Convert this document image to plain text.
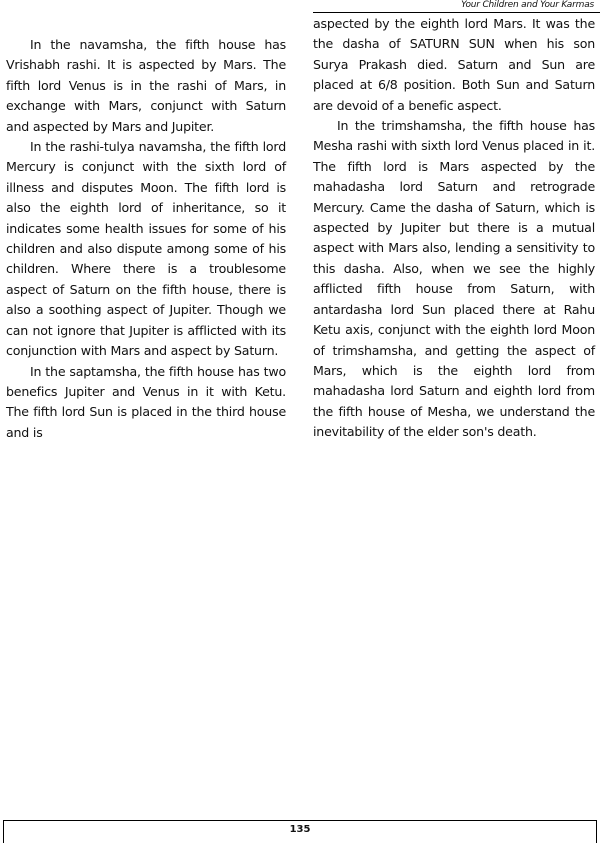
Your Children and Your Karmas

In the navamsha, the fifth house has Vrishabh rashi. It is aspected by Mars. The fifth lord Venus is in the rashi of Mars, in exchange with Mars, conjunct with Saturn and aspected by Mars and Jupiter.

In the rashi-tulya navamsha, the fifth lord Mercury is conjunct with the sixth lord of illness and disputes Moon. The fifth lord is also the eighth lord of inheritance, so it indicates some health issues for some of his children and also dispute among some of his children. Where there is a troublesome aspect of Saturn on the fifth house, there is also a soothing aspect of Jupiter. Though we can not ignore that Jupiter is afflicted with its conjunction with Mars and aspect by Saturn.

In the saptamsha, the fifth house has two benefics Jupiter and Venus in it with Ketu. The fifth lord Sun is placed in the third house and is

aspected by the eighth lord Mars. It was the the dasha of SATURN SUN when his son Surya Prakash died. Saturn and Sun are placed at 6/8 position. Both Sun and Saturn are devoid of a benefic aspect.

In the trimshamsha, the fifth house has Mesha rashi with sixth lord Venus placed in it. The fifth lord is Mars aspected by the mahadasha lord Saturn and retrograde Mercury. Came the dasha of Saturn, which is aspected by Jupiter but there is a mutual aspect with Mars also, lending a sensitivity to this dasha. Also, when we see the highly afflicted fifth house from Saturn, with antardasha lord Sun placed there at Rahu Ketu axis, conjunct with the eighth lord Moon of trimshamsha, and getting the aspect of Mars, which is the eighth lord from mahadasha lord Saturn and eighth lord from the fifth house of Mesha, we understand the inevitability of the elder son's death.

135
